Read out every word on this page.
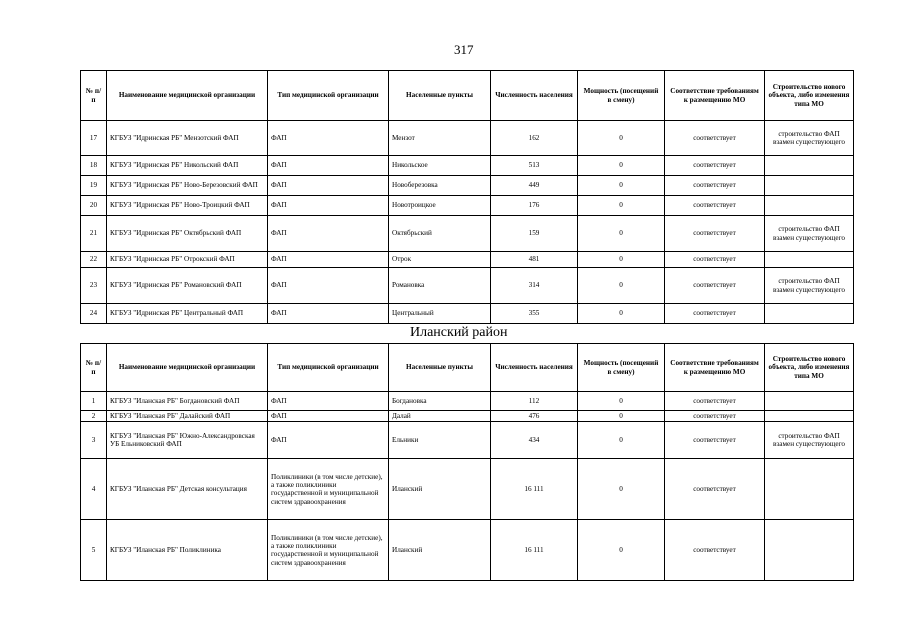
317
№ п/п	Наименование медицинской организации	Тип медицинской организации	Населенные пункты	Численность населения	Мощность (посещений в смену)	Соответствие требованиям к размещению МО	Строительство нового объекта, либо изменения типа МО
17	КГБУЗ "Идринская РБ" Мензотский ФАП	ФАП	Мензот	162	0	соответствует	строительство ФАП взамен существующего
18	КГБУЗ "Идринская РБ" Никольский ФАП	ФАП	Никольское	513	0	соответствует	
19	КГБУЗ "Идринская РБ" Ново-Березовский ФАП	ФАП	Новоберезовка	449	0	соответствует	
20	КГБУЗ "Идринская РБ" Ново-Троицкий ФАП	ФАП	Новотроицкое	176	0	соответствует	
21	КГБУЗ "Идринская РБ" Октябрьский ФАП	ФАП	Октябрьский	159	0	соответствует	строительство ФАП взамен существующего
22	КГБУЗ "Идринская РБ" Отрокский ФАП	ФАП	Отрок	481	0	соответствует	
23	КГБУЗ "Идринская РБ" Романовский ФАП	ФАП	Романовка	314	0	соответствует	строительство ФАП взамен существующего
24	КГБУЗ "Идринская РБ" Центральный ФАП	ФАП	Центральный	355	0	соответствует	
Иланский район
№ п/п	Наименование медицинской организации	Тип медицинской организации	Населенные пункты	Численность населения	Мощность (посещений в смену)	Соответствие требованиям к размещению МО	Строительство нового объекта, либо изменения типа МО
1	КГБУЗ "Иланская РБ" Богдановский ФАП	ФАП	Богдановка	112	0	соответствует	
2	КГБУЗ "Иланская РБ" Далайский ФАП	ФАП	Далай	476	0	соответствует	
3	КГБУЗ "Иланская РБ" Южно-Александровская УБ Ельниковский ФАП	ФАП	Ельники	434	0	соответствует	строительство ФАП взамен существующего
4	КГБУЗ "Иланская РБ" Детская консультация	Поликлиники (в том числе детские), а также поликлиники государственной и муниципальной систем здравоохранения	Иланский	16 111	0	соответствует	
5	КГБУЗ "Иланская РБ" Поликлиника	Поликлиники (в том числе детские), а также поликлиники государственной и муниципальной систем здравоохранения	Иланский	16 111	0	соответствует	
